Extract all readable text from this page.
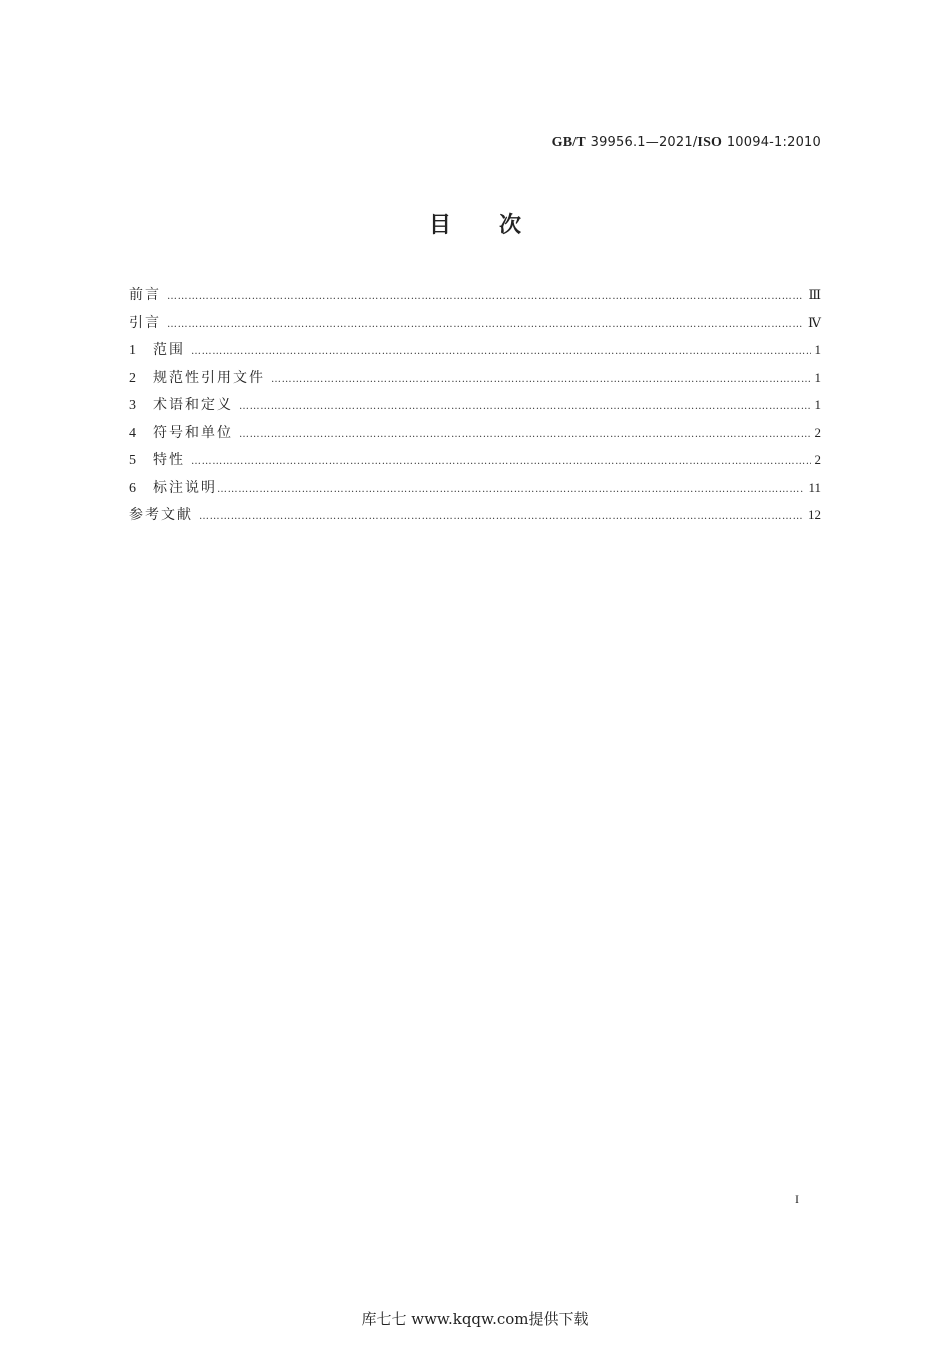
GB/T 39956.1—2021/ISO 10094-1:2010
目 次
前言 …………………………………………………………………………………………………………………………………………………………………………………………………………………………………………	Ⅲ
引言 …………………………………………………………………………………………………………………………………………………………………………………………………………………………………………	Ⅳ
1	范围 …………………………………………………………………………………………………………………………………………………………………………………………………………………………………………	1
2	规范性引用文件 …………………………………………………………………………………………………………………………………………………………………………………………………………………………………………	1
3	术语和定义 …………………………………………………………………………………………………………………………………………………………………………………………………………………………………………	1
4	符号和单位 …………………………………………………………………………………………………………………………………………………………………………………………………………………………………………	2
5	特性 …………………………………………………………………………………………………………………………………………………………………………………………………………………………………………	2
6	标注说明 …………………………………………………………………………………………………………………………………………………………………………………………………………………………………………	11
参考文献 …………………………………………………………………………………………………………………………………………………………………………………………………………………………………………	12
I
库七七 www.kqqw.com提供下载
